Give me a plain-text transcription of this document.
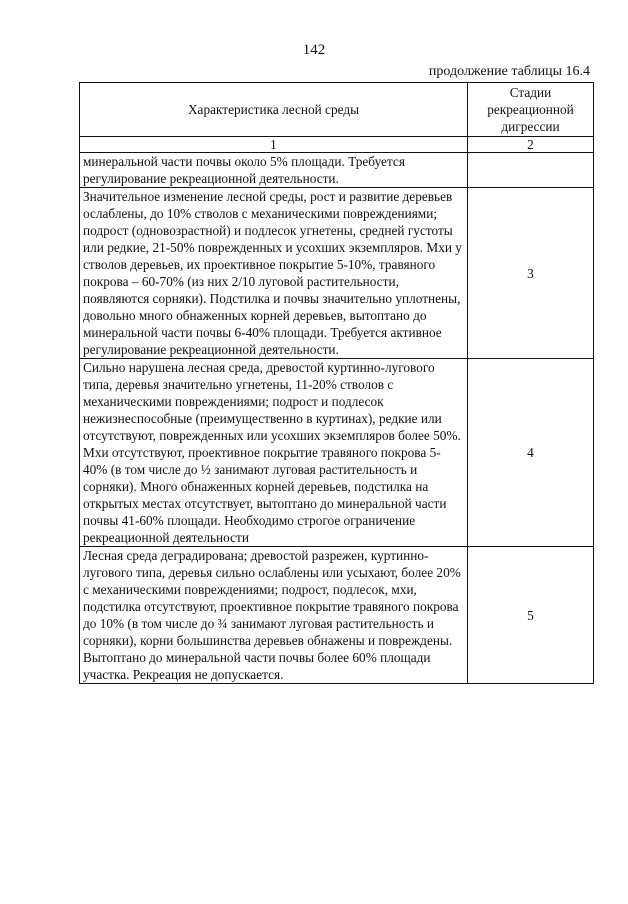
142
продолжение таблицы 16.4
Характеристика лесной среды	Стадии рекреационной дигрессии
1	2
минеральной части почвы около 5% площади. Требуется регулирование рекреационной деятельности.	
Значительное изменение лесной среды, рост и развитие деревьев ослаблены, до 10% стволов с механическими повреждениями; подрост (одновозрастной) и подлесок угнетены, средней густоты или редкие, 21-50% поврежденных и усохших экземпляров. Мхи у стволов деревьев, их проективное покрытие 5-10%, травяного покрова – 60-70% (из них 2/10 луговой растительности, появляются сорняки). Подстилка и почвы значительно уплотнены, довольно много обнаженных корней деревьев, вытоптано до минеральной части почвы 6-40% площади. Требуется активное регулирование рекреационной деятельности.	3
Сильно нарушена лесная среда, древостой куртинно-лугового типа, деревья значительно угнетены, 11-20% стволов с механическими повреждениями; подрост и подлесок нежизнеспособные (преимущественно в куртинах), редкие или отсутствуют, поврежденных или усохших экземпляров более 50%. Мхи отсутствуют, проективное покрытие травяного покрова 5-40% (в том числе до ½ занимают луговая растительность и сорняки). Много обнаженных корней деревьев, подстилка на открытых местах отсутствует, вытоптано до минеральной части почвы 41-60% площади. Необходимо строгое ограничение рекреационной деятельности	4
Лесная среда деградирована; древостой разрежен, куртинно-лугового типа, деревья сильно ослаблены или усыхают, более 20% с механическими повреждениями; подрост, подлесок, мхи, подстилка отсутствуют, проективное покрытие травяного покрова до 10% (в том числе до ¾ занимают луговая растительность и сорняки), корни большинства деревьев обнажены и повреждены. Вытоптано до минеральной части почвы более 60% площади участка. Рекреация не допускается.	5
